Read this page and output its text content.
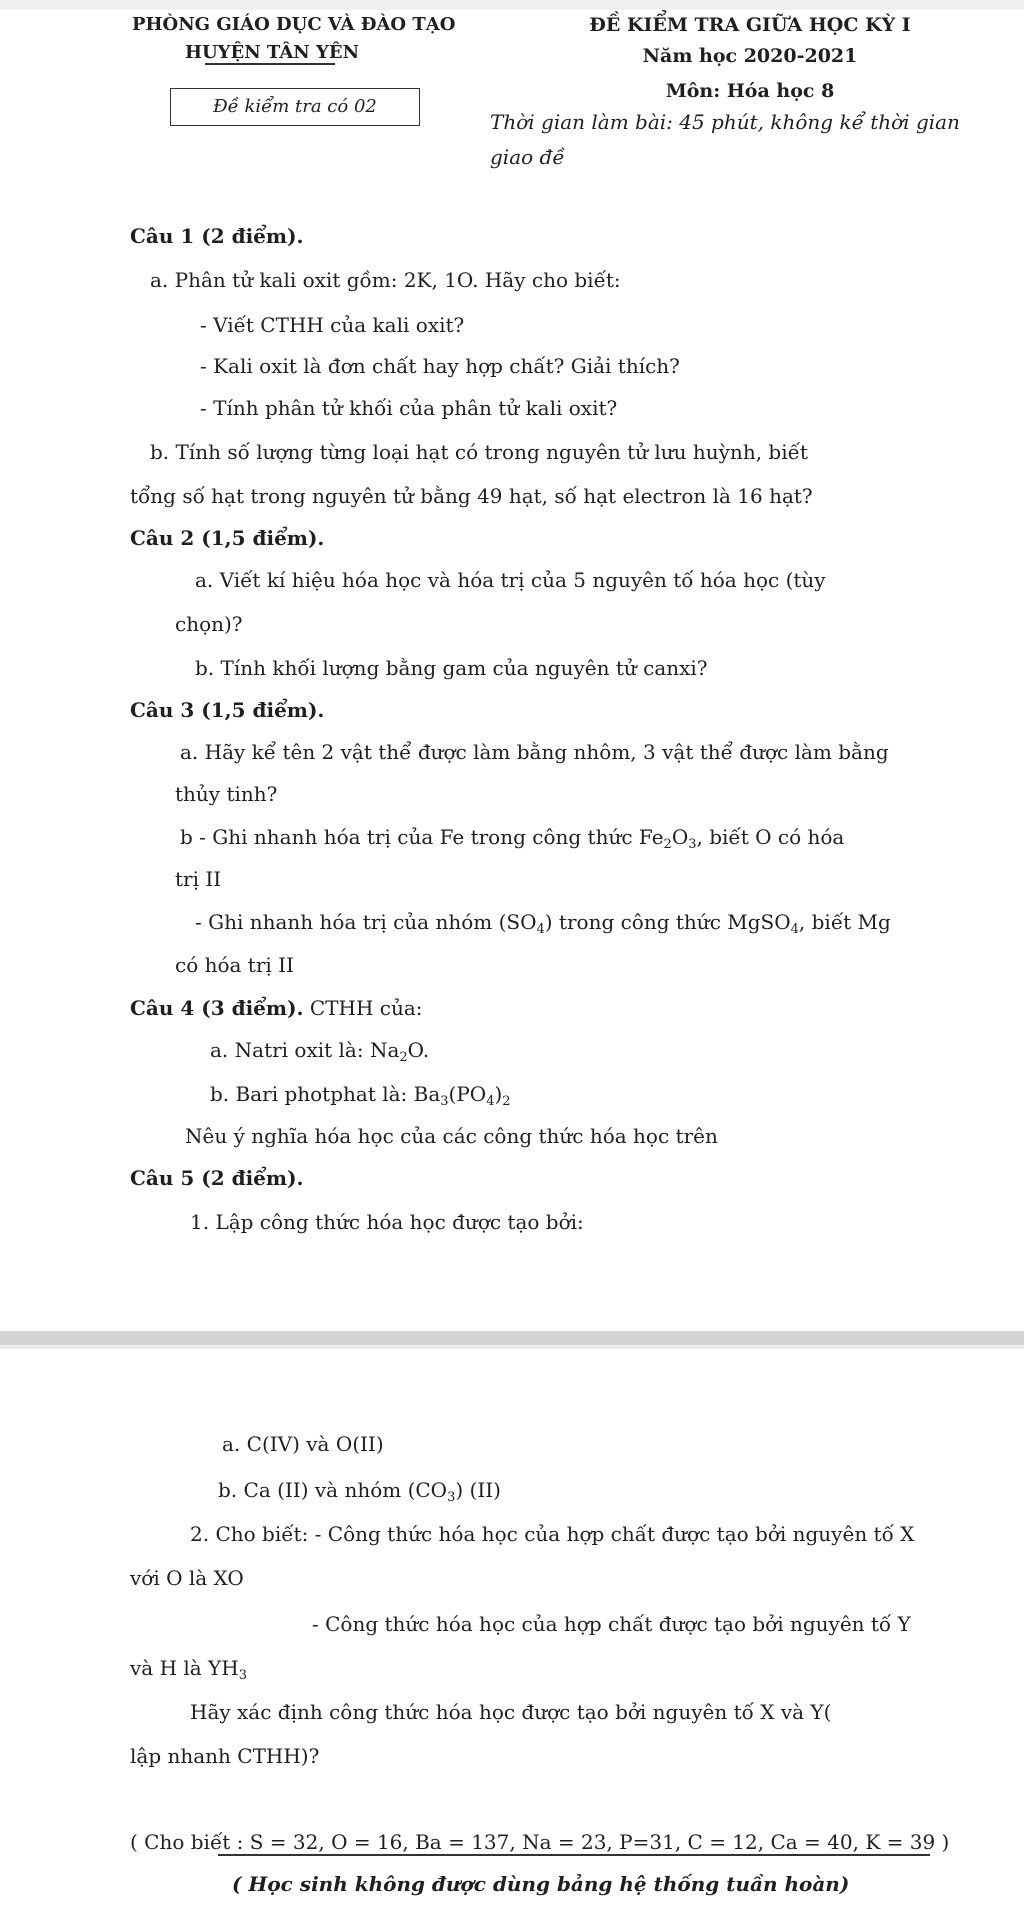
PHÒNG GIÁO DỤC VÀ ĐÀO TẠO
HUYỆN TÂN YÊN
Đề kiểm tra có 02
ĐỀ KIỂM TRA GIỮA HỌC KỲ I
Năm học 2020-2021
Môn: Hóa học 8
Thời gian làm bài: 45 phút, không kể thời gian
giao đề
Câu 1 (2 điểm).
a. Phân tử kali oxit gồm: 2K, 1O. Hãy cho biết:
- Viết CTHH của kali oxit?
- Kali oxit là đơn chất hay hợp chất? Giải thích?
- Tính phân tử khối của phân tử kali oxit?
b. Tính số lượng từng loại hạt có trong nguyên tử lưu huỳnh, biết
tổng số hạt trong nguyên tử bằng 49 hạt, số hạt electron là 16 hạt?
Câu 2 (1,5 điểm).
a. Viết kí hiệu hóa học và hóa trị của 5 nguyên tố hóa học (tùy
chọn)?
b. Tính khối lượng bằng gam của nguyên tử canxi?
Câu 3 (1,5 điểm).
a. Hãy kể tên 2 vật thể được làm bằng nhôm, 3 vật thể được làm bằng
thủy tinh?
b - Ghi nhanh hóa trị của Fe trong công thức $Fe_2O_3$, biết O có hóa
trị II
- Ghi nhanh hóa trị của nhóm $(SO_4)$ trong công thức MgSO$_4$, biết Mg
có hóa trị II
Câu 4 (3 điểm). CTHH của:
a. Natri oxit là: $Na_2O$.
b. Bari photphat là: $Ba_3(PO_4)_2$
Nêu ý nghĩa hóa học của các công thức hóa học trên
Câu 5 (2 điểm).
1. Lập công thức hóa học được tạo bởi:
a. C(IV) và O(II)
b. Ca (II) và nhóm $(CO_3)$ (II)
2. Cho biết: - Công thức hóa học của hợp chất được tạo bởi nguyên tố X
với O là XO
- Công thức hóa học của hợp chất được tạo bởi nguyên tố Y
và H là $YH_3$
Hãy xác định công thức hóa học được tạo bởi nguyên tố X và Y(
lập nhanh CTHH)?
( Cho biết : S = 32, O = 16, Ba = 137, Na = 23, P=31, C = 12, Ca = 40, K = 39 )
( Học sinh không được dùng bảng hệ thống tuần hoàn)
